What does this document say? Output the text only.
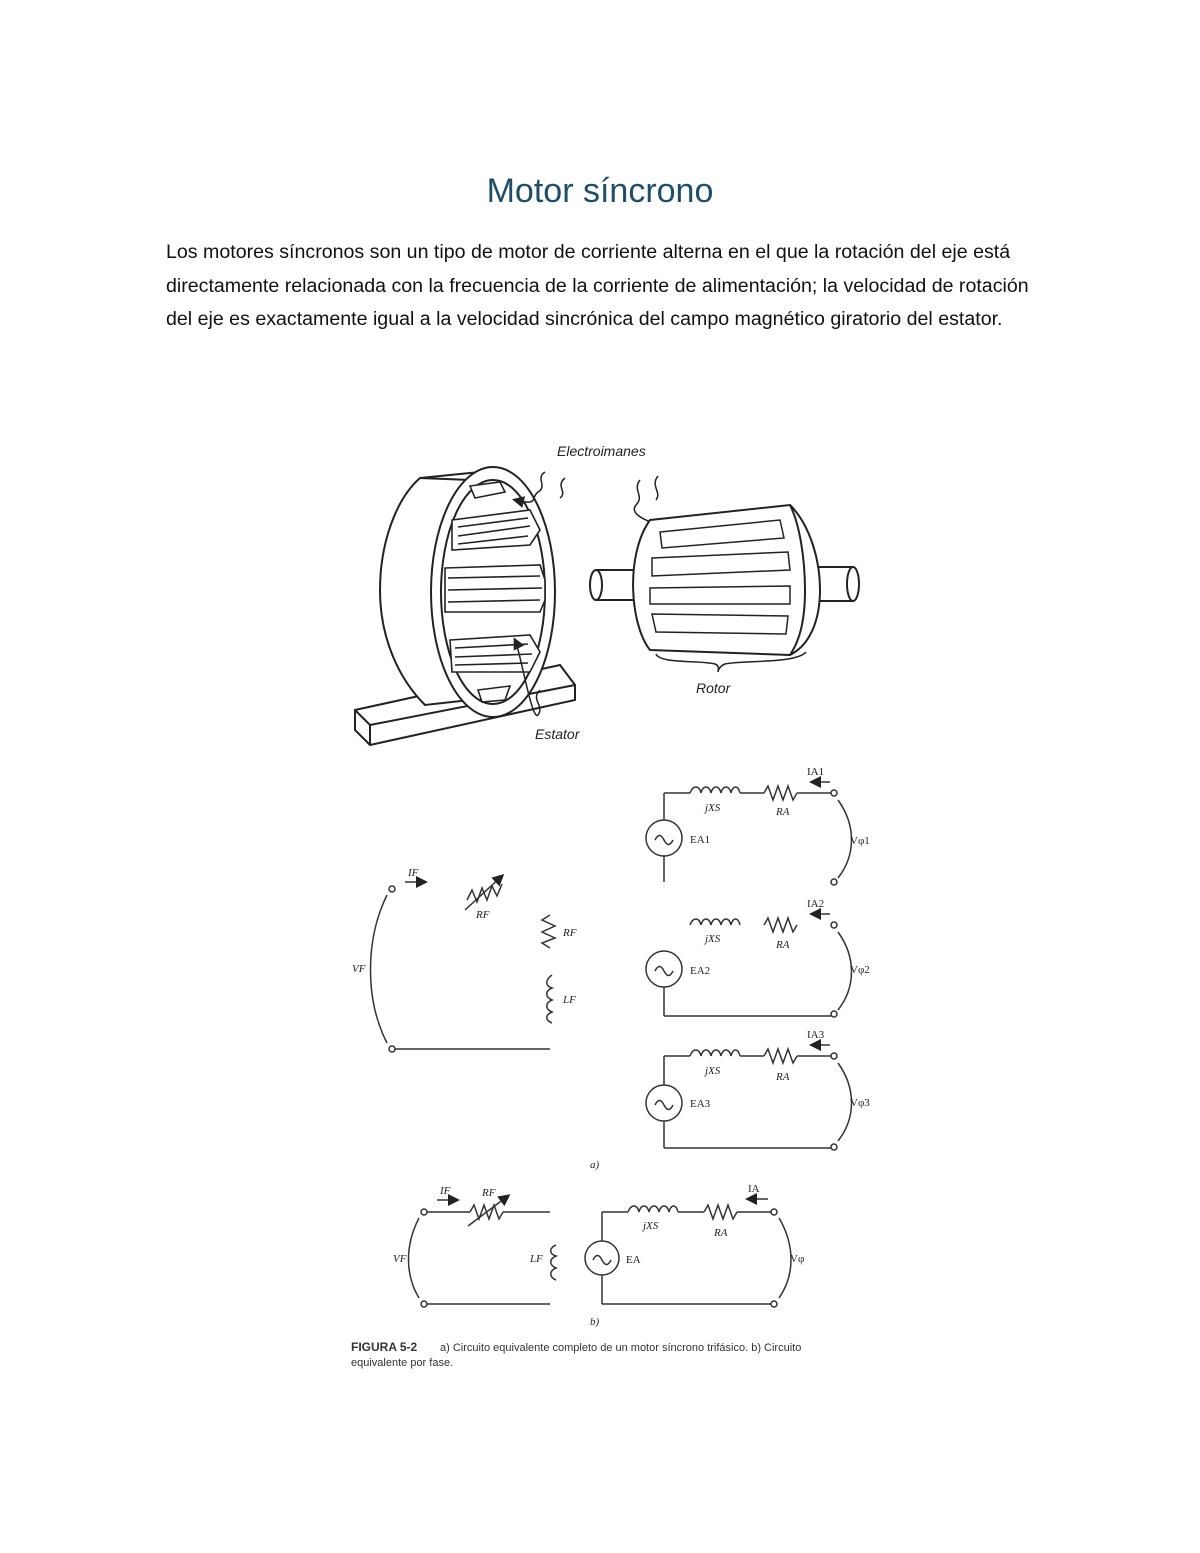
Motor síncrono

Los motores síncronos son un tipo de motor de corriente alterna en el que la rotación del eje está directamente relacionada con la frecuencia de la corriente de alimentación; la velocidad de rotación del eje es exactamente igual a la velocidad sincrónica del campo magnético giratorio del estator.

Electroimanes
Rotor
Estator
IF
VF
RF
RF
LF
IA1
jXS	RA
EA1	Vφ1
IA2
jXS	RA
EA2	Vφ2
IA3
jXS	RA
EA3	Vφ3
a)
IF	RF
VF	LF	EA
jXS
RA
IA
Vφ
b)
FIGURA 5-2 a) Circuito equivalente completo de un motor síncrono trifásico. b) Circuito
equivalente por fase.
